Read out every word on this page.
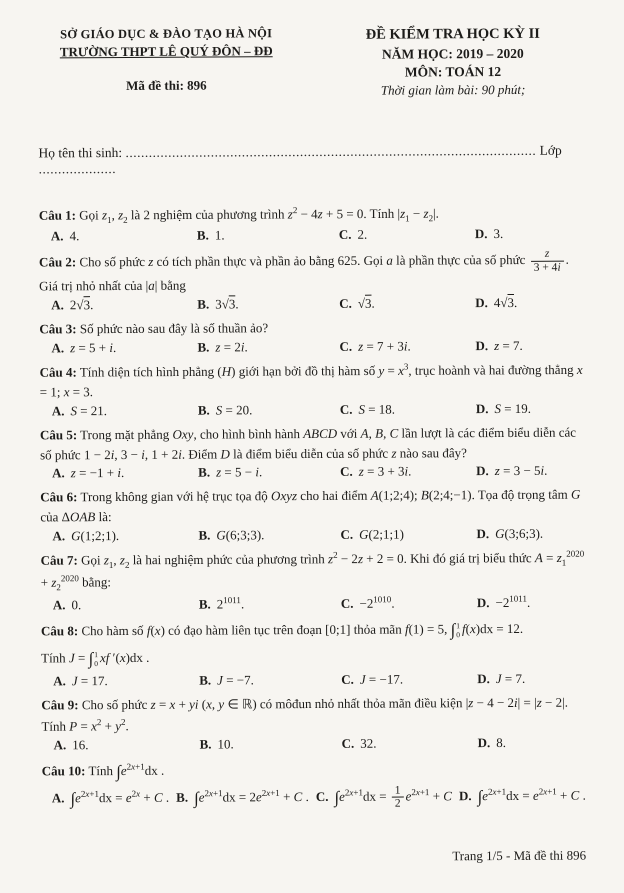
SỞ GIÁO DỤC & ĐÀO TẠO HÀ NỘI
TRƯỜNG THPT LÊ QUÝ ĐÔN – ĐĐ
Mã đề thi: 896
ĐỀ KIỂM TRA HỌC KỲ II
NĂM HỌC: 2019 – 2020
MÔN: TOÁN 12
Thời gian làm bài: 90 phút;
Họ tên thi sinh: .......................................................................................................... Lớp ....................

Câu 1: Gọi $z_1$, $z_2$ là 2 nghiệm của phương trình $z^2 - 4z + 5 = 0$. Tính $|z_1 - z_2|$.

A. 4.	B. 1.	C. 2.	D. 3.

Câu 2: Cho số phức z có tích phần thực và phần ảo bằng 625. Gọi a là phần thực của số phức $\frac{z}{3 + 4i}$ . Giá trị nhỏ nhất của |a| bằng

A. 2√3.	B. 3√3.	C. √3.	D. 4√3.

Câu 3: Số phức nào sau đây là số thuần ảo?

A. z = 5 + i.	B. z = 2i.	C. z = 7 + 3i.	D. z = 7.

Câu 4: Tính diện tích hình phẳng (H) giới hạn bởi đồ thị hàm số $y = x^3$, trục hoành và hai đường thẳng x = 1; x = 3.

A. S = 21.	B. S = 20.	C. S = 18.	D. S = 19.

Câu 5: Trong mặt phẳng Oxy, cho hình bình hành ABCD với A, B, C lần lượt là các điểm biểu diễn các số phức 1 − 2i, 3 − i, 1 + 2i. Điểm D là điểm biểu diễn của số phức z nào sau đây?

A. z = −1 + i.	B. z = 5 − i.	C. z = 3 + 3i.	D. z = 3 − 5i.

Câu 6: Trong không gian với hệ trục tọa độ Oxyz cho hai điểm A(1;2;4); B(2;4;−1). Tọa độ trọng tâm G của ΔOAB là:

A. G(1;2;1).	B. G(6;3;3).	C. G(2;1;1)	D. G(3;6;3).

Câu 7: Gọi $z_1$, $z_2$ là hai nghiệm phức của phương trình $z^2 - 2z + 2 = 0$. Khi đó giá trị biểu thức $A = z_1^{2020} + z_2^{2020}$ bằng:

A. 0.	B. $2^{1011}$.	C. $-2^{1010}$.	D. $-2^{1011}$.

Câu 8: Cho hàm số f(x) có đạo hàm liên tục trên đoạn [0;1] thỏa mãn f(1) = 5, ∫ 1
0 f(x)dx = 12.

Tính J = ∫ 1
0 xf ′(x)dx .

A. J = 17.	B. J = −7.	C. J = −17.	D. J = 7.

Câu 9: Cho số phức z = x + yi (x, y ∈ ℝ) có môđun nhỏ nhất thỏa mãn điều kiện |z − 4 − 2i| = |z − 2|.

Tính $P = x^2 + y^2$.

A. 16.	B. 10.	C. 32.	D. 8.

Câu 10: Tính $\int e^{2x+1}dx$ .

A. $\int e^{2x+1}dx = e^{2x} + C$ . B. $\int e^{2x+1}dx = 2e^{2x+1} + C$ . C. $\int e^{2x+1}dx = \frac{1}{2} e^{2x+1} + C$ D. $\int e^{2x+1}dx = e^{2x+1} + C$ .
Trang 1/5 - Mã đề thi 896
